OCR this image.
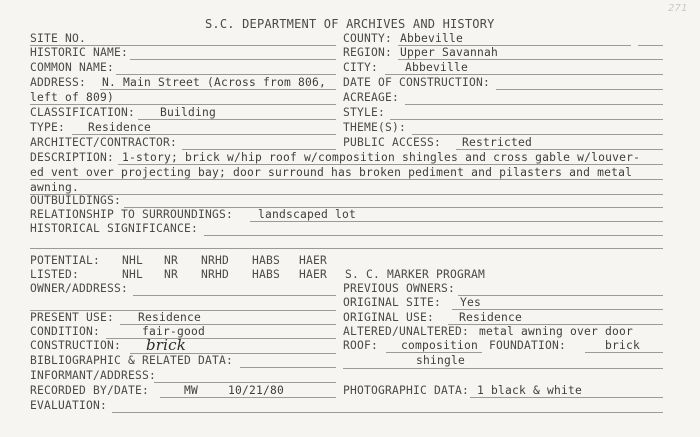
271
S.C. DEPARTMENT OF ARCHIVES AND HISTORY
SITE NO.	COUNTY: Abbeville
HISTORIC NAME:	REGION: Upper Savannah
COMMON NAME:	CITY: Abbeville
ADDRESS: N. Main Street (Across from 806, DATE OF CONSTRUCTION:
left of 809)	ACREAGE:
CLASSIFICATION: Building	STYLE:
TYPE: Residence	THEME(S):
ARCHITECT/CONTRACTOR:	PUBLIC ACCESS: Restricted
DESCRIPTION: 1-story; brick w/hip roof w/composition shingles and cross gable w/louver-
ed vent over projecting bay; door surround has broken pediment and pilasters and metal
awning.
OUTBUILDINGS:
RELATIONSHIP TO SURROUNDINGS: landscaped lot
HISTORICAL SIGNIFICANCE:
POTENTIAL: NHL NR NRHD HABS HAER
LISTED:	NHL NR NRHD HABS HAER S. C. MARKER PROGRAM
OWNER/ADDRESS:	PREVIOUS OWNERS:
ORIGINAL SITE: Yes
PRESENT USE: Residence	ORIGINAL USE: Residence
CONDITION:	fair-good	ALTERED/UNALTERED: metal awning over door
CONSTRUCTION: brick	ROOF: composition FOUNDATION:	brick
BIBLIOGRAPHIC & RELATED DATA:	shingle
INFORMANT/ADDRESS:
RECORDED BY/DATE:	MW	10/21/80	PHOTOGRAPHIC DATA: 1 black & white
EVALUATION:
